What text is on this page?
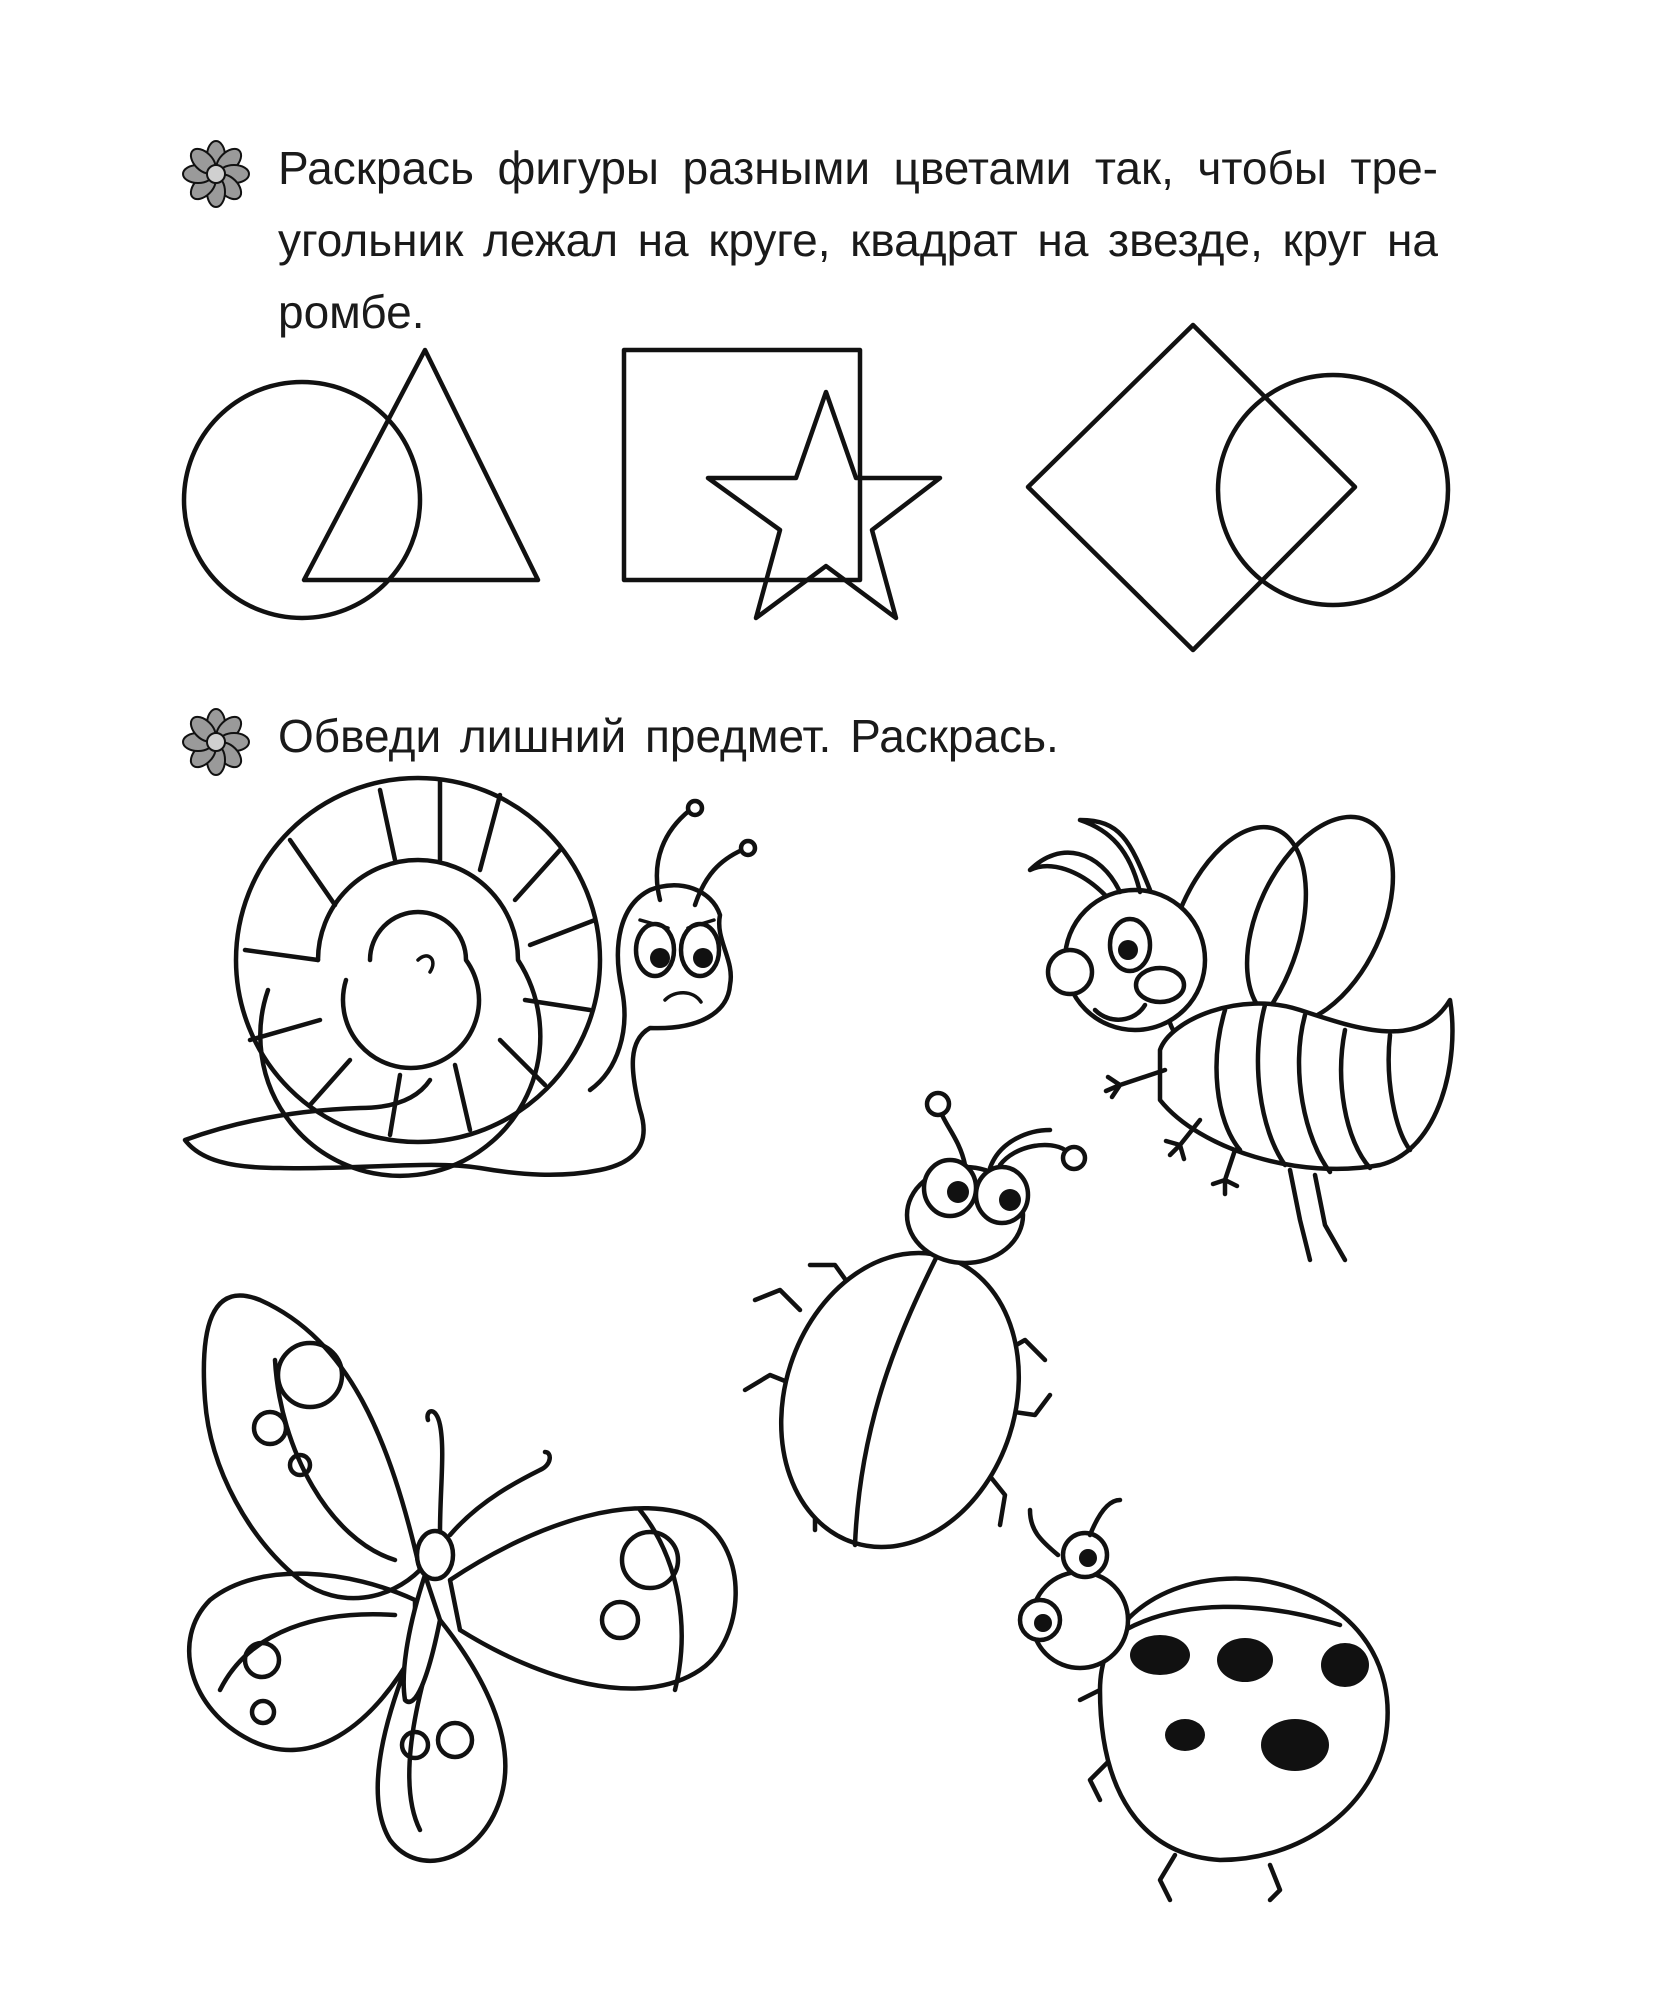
Раскрась фигуры разными цветами так, чтобы тре-угольник лежал на круге, квадрат на звезде, круг на ромбе.

Обведи лишний предмет. Раскрась.
